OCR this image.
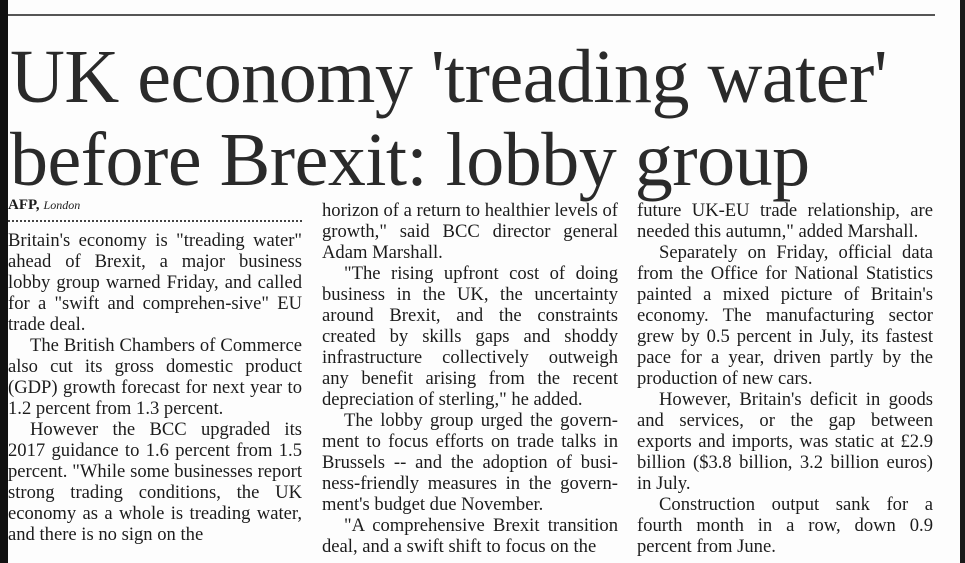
UK economy 'treading water'
before Brexit: lobby group
AFP, London

Britain's economy is "treading water" ahead of Brexit, a major business lobby group warned Friday, and called for a "swift and comprehen-sive" EU trade deal.

The British Chambers of Commerce also cut its gross domestic product (GDP) growth forecast for next year to 1.2 percent from 1.3 percent.

However the BCC upgraded its 2017 guidance to 1.6 percent from 1.5 percent. "While some businesses report strong trading conditions, the UK economy as a whole is treading water, and there is no sign on the

horizon of a return to healthier levels of growth," said BCC director general Adam Marshall.

"The rising upfront cost of doing business in the UK, the uncertainty around Brexit, and the constraints created by skills gaps and shoddy infrastructure collectively outweigh any benefit arising from the recent depreciation of sterling," he added.

The lobby group urged the govern-ment to focus efforts on trade talks in Brussels -- and the adoption of busi-ness-friendly measures in the govern-ment's budget due November.

"A comprehensive Brexit transition deal, and a swift shift to focus on the

future UK-EU trade relationship, are needed this autumn," added Marshall.

Separately on Friday, official data from the Office for National Statistics painted a mixed picture of Britain's economy. The manufacturing sector grew by 0.5 percent in July, its fastest pace for a year, driven partly by the production of new cars.

However, Britain's deficit in goods and services, or the gap between exports and imports, was static at £2.9 billion ($3.8 billion, 3.2 billion euros) in July.

Construction output sank for a fourth month in a row, down 0.9 percent from June.
